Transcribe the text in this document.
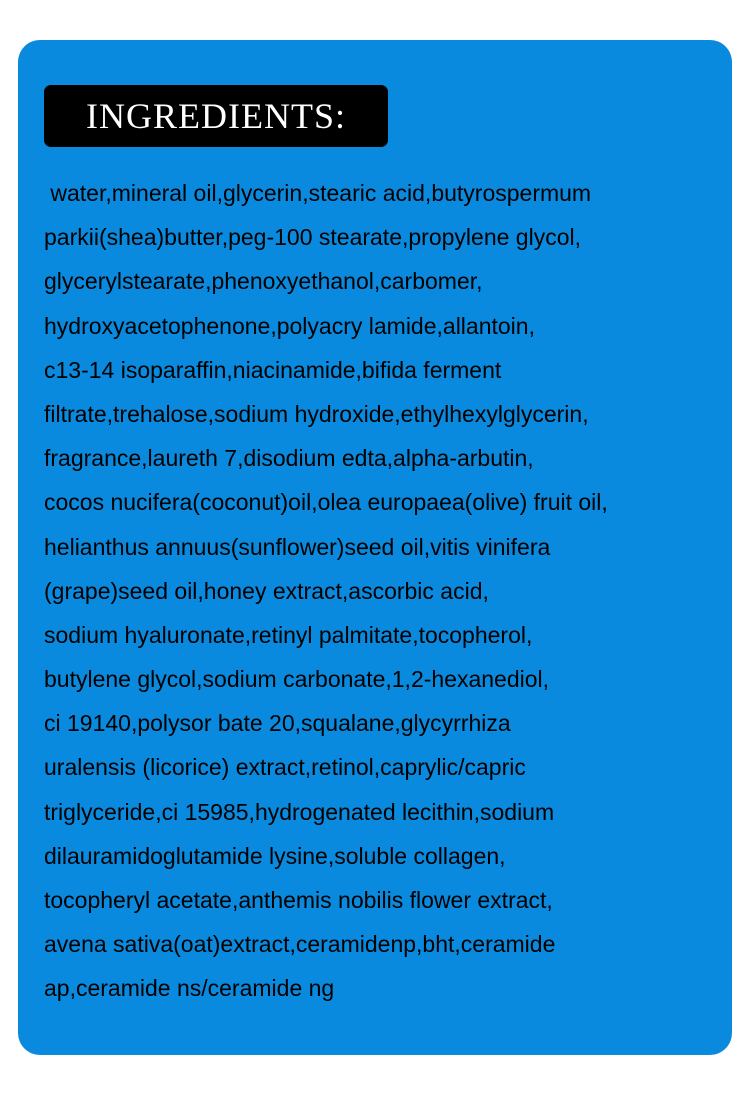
INGREDIENTS:
water,mineral oil,glycerin,stearic acid,butyrospermum
parkii(shea)butter,peg-100 stearate,propylene glycol,
glycerylstearate,phenoxyethanol,carbomer,
hydroxyacetophenone,polyacry lamide,allantoin,
c13-14 isoparaffin,niacinamide,bifida ferment
filtrate,trehalose,sodium hydroxide,ethylhexylglycerin,
fragrance,laureth 7,disodium edta,alpha-arbutin,
cocos nucifera(coconut)oil,olea europaea(olive) fruit oil,
helianthus annuus(sunflower)seed oil,vitis vinifera
(grape)seed oil,honey extract,ascorbic acid,
sodium hyaluronate,retinyl palmitate,tocopherol,
butylene glycol,sodium carbonate,1,2-hexanediol,
ci 19140,polysor bate 20,squalane,glycyrrhiza
uralensis (licorice) extract,retinol,caprylic/capric
triglyceride,ci 15985,hydrogenated lecithin,sodium
dilauramidoglutamide lysine,soluble collagen,
tocopheryl acetate,anthemis nobilis flower extract,
avena sativa(oat)extract,ceramidenp,bht,ceramide
ap,ceramide ns/ceramide ng
